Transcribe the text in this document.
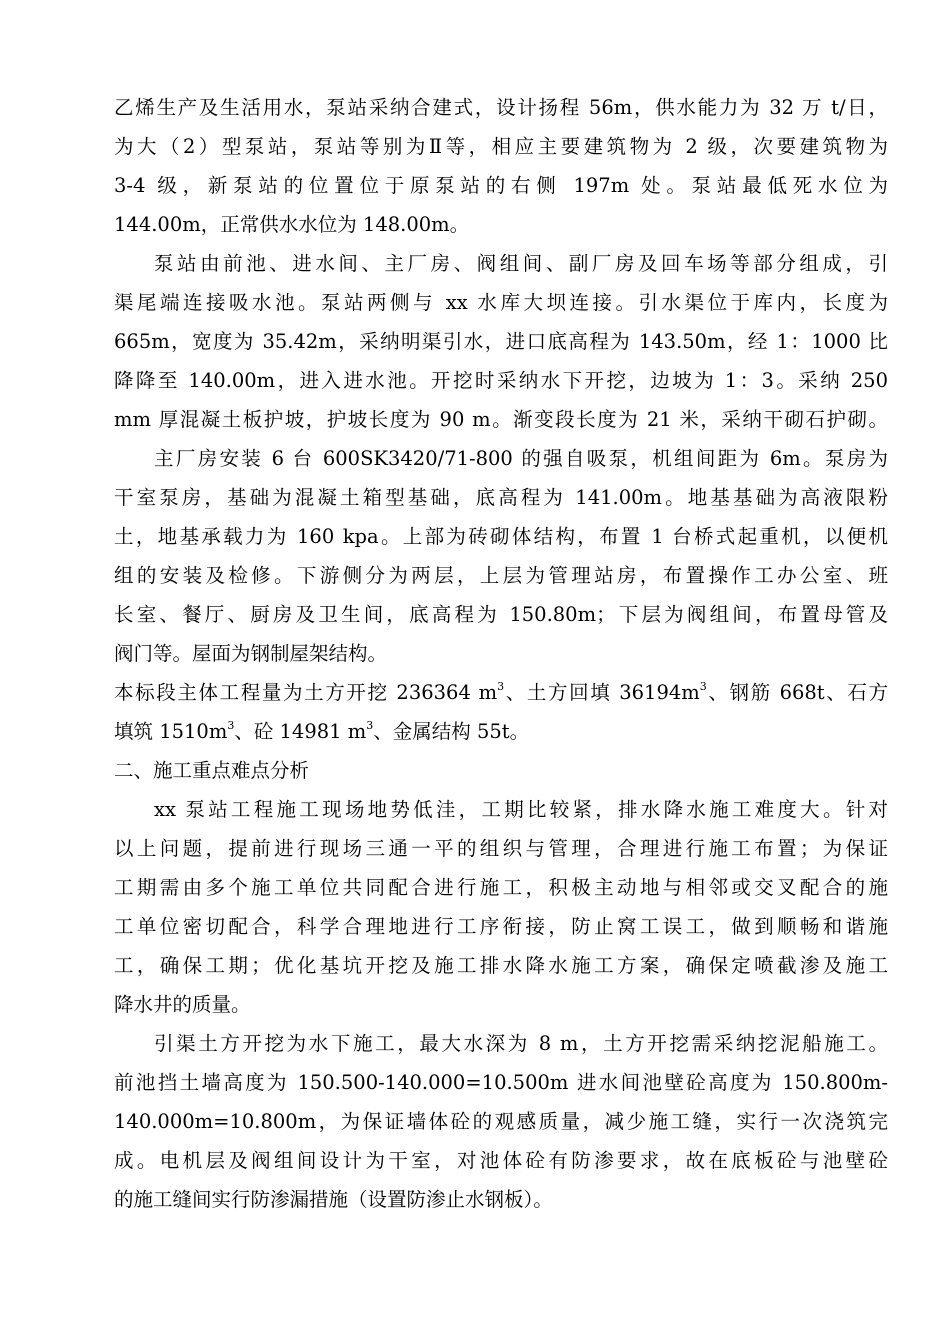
乙烯生产及生活用水，泵站采纳合建式，设计扬程 56m，供水能力为 32 万 t/日，
为大（2）型泵站，泵站等别为Ⅱ等，相应主要建筑物为 2 级，次要建筑物为
3-4 级，新泵站的位置位于原泵站的右侧 197m 处。泵站最低死水位为
144.00m，正常供水水位为 148.00m。
泵站由前池、进水间、主厂房、阀组间、副厂房及回车场等部分组成，引
渠尾端连接吸水池。泵站两侧与 xx 水库大坝连接。引水渠位于库内，长度为
665m，宽度为 35.42m，采纳明渠引水，进口底高程为 143.50m，经 1：1000 比
降降至 140.00m，进入进水池。开挖时采纳水下开挖，边坡为 1：3。采纳 250
mm 厚混凝土板护坡，护坡长度为 90 m。渐变段长度为 21 米，采纳干砌石护砌。
主厂房安装 6 台 600SK3420/71-800 的强自吸泵，机组间距为 6m。泵房为
干室泵房，基础为混凝土箱型基础，底高程为 141.00m。地基基础为高液限粉
土，地基承载力为 160 kpa。上部为砖砌体结构，布置 1 台桥式起重机，以便机
组的安装及检修。下游侧分为两层，上层为管理站房，布置操作工办公室、班
长室、餐厅、厨房及卫生间，底高程为 150.80m；下层为阀组间，布置母管及
阀门等。屋面为钢制屋架结构。
本标段主体工程量为土方开挖 236364 $m^3$、土方回填 $36194m^3$、钢筋 668t、石方
填筑 $1510m^3$、砼 14981 $m^3$、金属结构 55t。
二、施工重点难点分析
xx 泵站工程施工现场地势低洼，工期比较紧，排水降水施工难度大。针对
以上问题，提前进行现场三通一平的组织与管理，合理进行施工布置；为保证
工期需由多个施工单位共同配合进行施工，积极主动地与相邻或交叉配合的施
工单位密切配合，科学合理地进行工序衔接，防止窝工误工，做到顺畅和谐施
工，确保工期；优化基坑开挖及施工排水降水施工方案，确保定喷截渗及施工
降水井的质量。
引渠土方开挖为水下施工，最大水深为 8 m，土方开挖需采纳挖泥船施工。
前池挡土墙高度为 150.500-140.000=10.500m 进水间池壁砼高度为 150.800m-
140.000m=10.800m，为保证墙体砼的观感质量，减少施工缝，实行一次浇筑完
成。电机层及阀组间设计为干室，对池体砼有防渗要求，故在底板砼与池壁砼
的施工缝间实行防渗漏措施（设置防渗止水钢板）。
